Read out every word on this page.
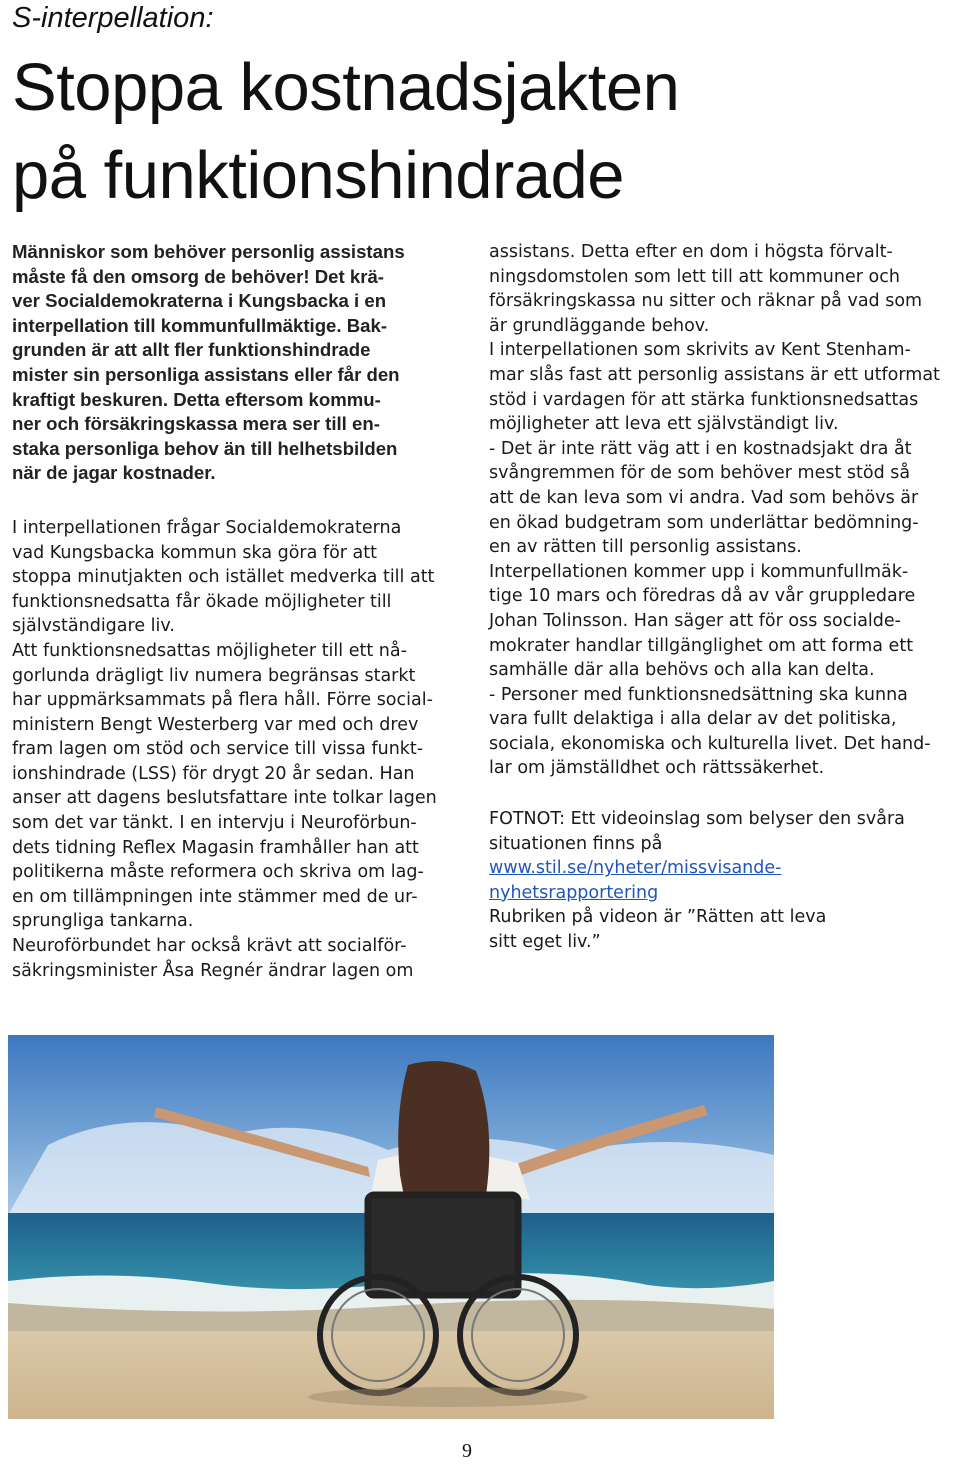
S-interpellation:
Stoppa kostnadsjakten
på funktionshindrade

Människor som behöver personlig assistans
måste få den omsorg de behöver! Det krä-
ver Socialdemokraterna i Kungsbacka i en
interpellation till kommunfullmäktige. Bak-
grunden är att allt fler funktionshindrade
mister sin personliga assistans eller får den
kraftigt beskuren. Detta eftersom kommu-
ner och försäkringskassa mera ser till en-
staka personliga behov än till helhetsbilden
när de jagar kostnader.

I interpellationen frågar Socialdemokraterna
vad Kungsbacka kommun ska göra för att
stoppa minutjakten och istället medverka till att
funktionsnedsatta får ökade möjligheter till
självständigare liv.

Att funktionsnedsattas möjligheter till ett nå-
gorlunda drägligt liv numera begränsas starkt
har uppmärksammats på flera håll. Förre social-
ministern Bengt Westerberg var med och drev
fram lagen om stöd och service till vissa funkt-
ionshindrade (LSS) för drygt 20 år sedan. Han
anser att dagens beslutsfattare inte tolkar lagen
som det var tänkt. I en intervju i Neuroförbun-
dets tidning Reflex Magasin framhåller han att
politikerna måste reformera och skriva om lag-
en om tillämpningen inte stämmer med de ur-
sprungliga tankarna.

Neuroförbundet har också krävt att socialför-
säkringsminister Åsa Regnér ändrar lagen om

assistans. Detta efter en dom i högsta förvalt-
ningsdomstolen som lett till att kommuner och
försäkringskassa nu sitter och räknar på vad som
är grundläggande behov.

I interpellationen som skrivits av Kent Stenham-
mar slås fast att personlig assistans är ett utformat
stöd i vardagen för att stärka funktionsnedsattas
möjligheter att leva ett självständigt liv.

- Det är inte rätt väg att i en kostnadsjakt dra åt
svångremmen för de som behöver mest stöd så
att de kan leva som vi andra. Vad som behövs är
en ökad budgetram som underlättar bedömning-
en av rätten till personlig assistans.

Interpellationen kommer upp i kommunfullmäk-
tige 10 mars och föredras då av vår gruppledare
Johan Tolinsson. Han säger att för oss socialde-
mokrater handlar tillgänglighet om att forma ett
samhälle där alla behövs och alla kan delta.

- Personer med funktionsnedsättning ska kunna
vara fullt delaktiga i alla delar av det politiska,
sociala, ekonomiska och kulturella livet. Det hand-
lar om jämställdhet och rättssäkerhet.

FOTNOT: Ett videoinslag som belyser den svåra
situationen finns på

www.stil.se/nyheter/missvisande-
nyhetsrapportering

Rubriken på videon är ”Rätten att leva
sitt eget liv.”

9
